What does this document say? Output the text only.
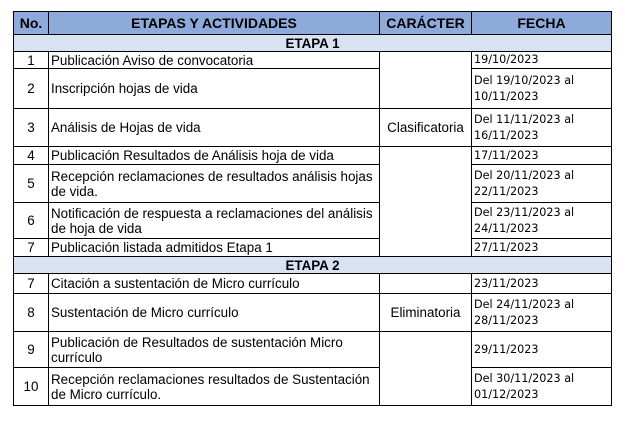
No.	ETAPAS Y ACTIVIDADES	CARÁCTER	FECHA
ETAPA 1			
1	Publicación Aviso de convocatoria		19/10/2023
2	Inscripción hojas de vida		Del 19/10/2023 al 10/11/2023
3	Análisis de Hojas de vida	Clasificatoria	Del 11/11/2023 al 16/11/2023
4	Publicación Resultados de Análisis hoja de vida		17/11/2023
5	Recepción reclamaciones de resultados análisis hojas de vida.		Del 20/11/2023 al 22/11/2023
6	Notificación de respuesta a reclamaciones del análisis de hoja de vida		Del 23/11/2023 al 24/11/2023
7	Publicación listada admitidos Etapa 1		27/11/2023
ETAPA 2			
7	Citación a sustentación de Micro currículo		23/11/2023
8	Sustentación de Micro currículo	Eliminatoria	Del 24/11/2023 al 28/11/2023
9	Publicación de Resultados de sustentación Micro currículo		29/11/2023
10	Recepción reclamaciones resultados de Sustentación de Micro currículo.		Del 30/11/2023 al 01/12/2023
